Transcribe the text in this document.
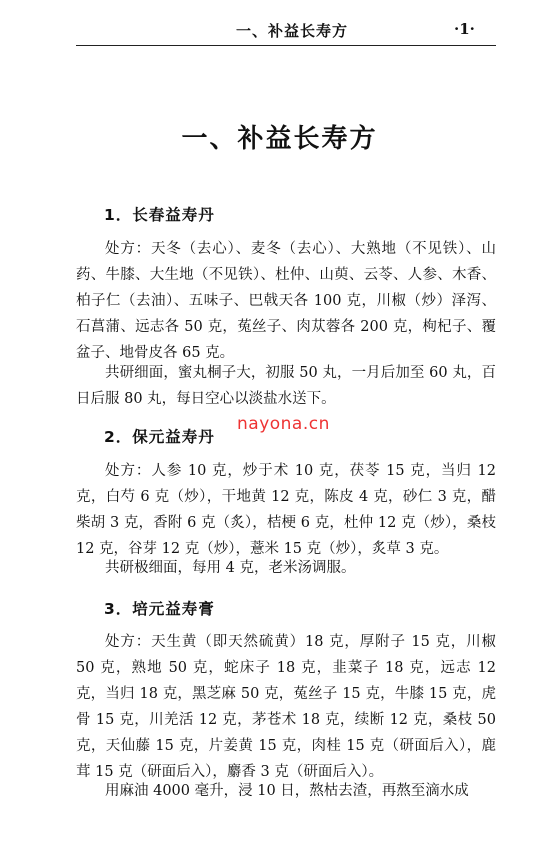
一、补益长寿方	·1·
一、补益长寿方
1．长春益寿丹

处方：天冬（去心）、麦冬（去心）、大熟地（不见铁）、山药、牛膝、大生地（不见铁）、杜仲、山萸、云苓、人参、木香、柏子仁（去油）、五味子、巴戟天各 100 克，川椒（炒）泽泻、石菖蒲、远志各 50 克，菟丝子、肉苁蓉各 200 克，枸杞子、覆盆子、地骨皮各 65 克。

共研细面，蜜丸桐子大，初服 50 丸，一月后加至 60 丸，百日后服 80 丸，每日空心以淡盐水送下。

nayona.cn
2．保元益寿丹

处方：人参 10 克，炒于术 10 克，茯苓 15 克，当归 12 克，白芍 6 克（炒），干地黄 12 克，陈皮 4 克，砂仁 3 克，醋柴胡 3 克，香附 6 克（炙），桔梗 6 克，杜仲 12 克（炒），桑枝 12 克，谷芽 12 克（炒），薏米 15 克（炒），炙草 3 克。

共研极细面，每用 4 克，老米汤调服。

3．培元益寿膏

处方：天生黄（即天然硫黄）18 克，厚附子 15 克，川椒 50 克，熟地 50 克，蛇床子 18 克，韭菜子 18 克，远志 12 克，当归 18 克，黑芝麻 50 克，菟丝子 15 克，牛膝 15 克，虎骨 15 克，川羌活 12 克，茅苍术 18 克，续断 12 克，桑枝 50 克，天仙藤 15 克，片姜黄 15 克，肉桂 15 克（研面后入），鹿茸 15 克（研面后入），麝香 3 克（研面后入）。

用麻油 4000 毫升，浸 10 日，熬枯去渣，再熬至滴水成
